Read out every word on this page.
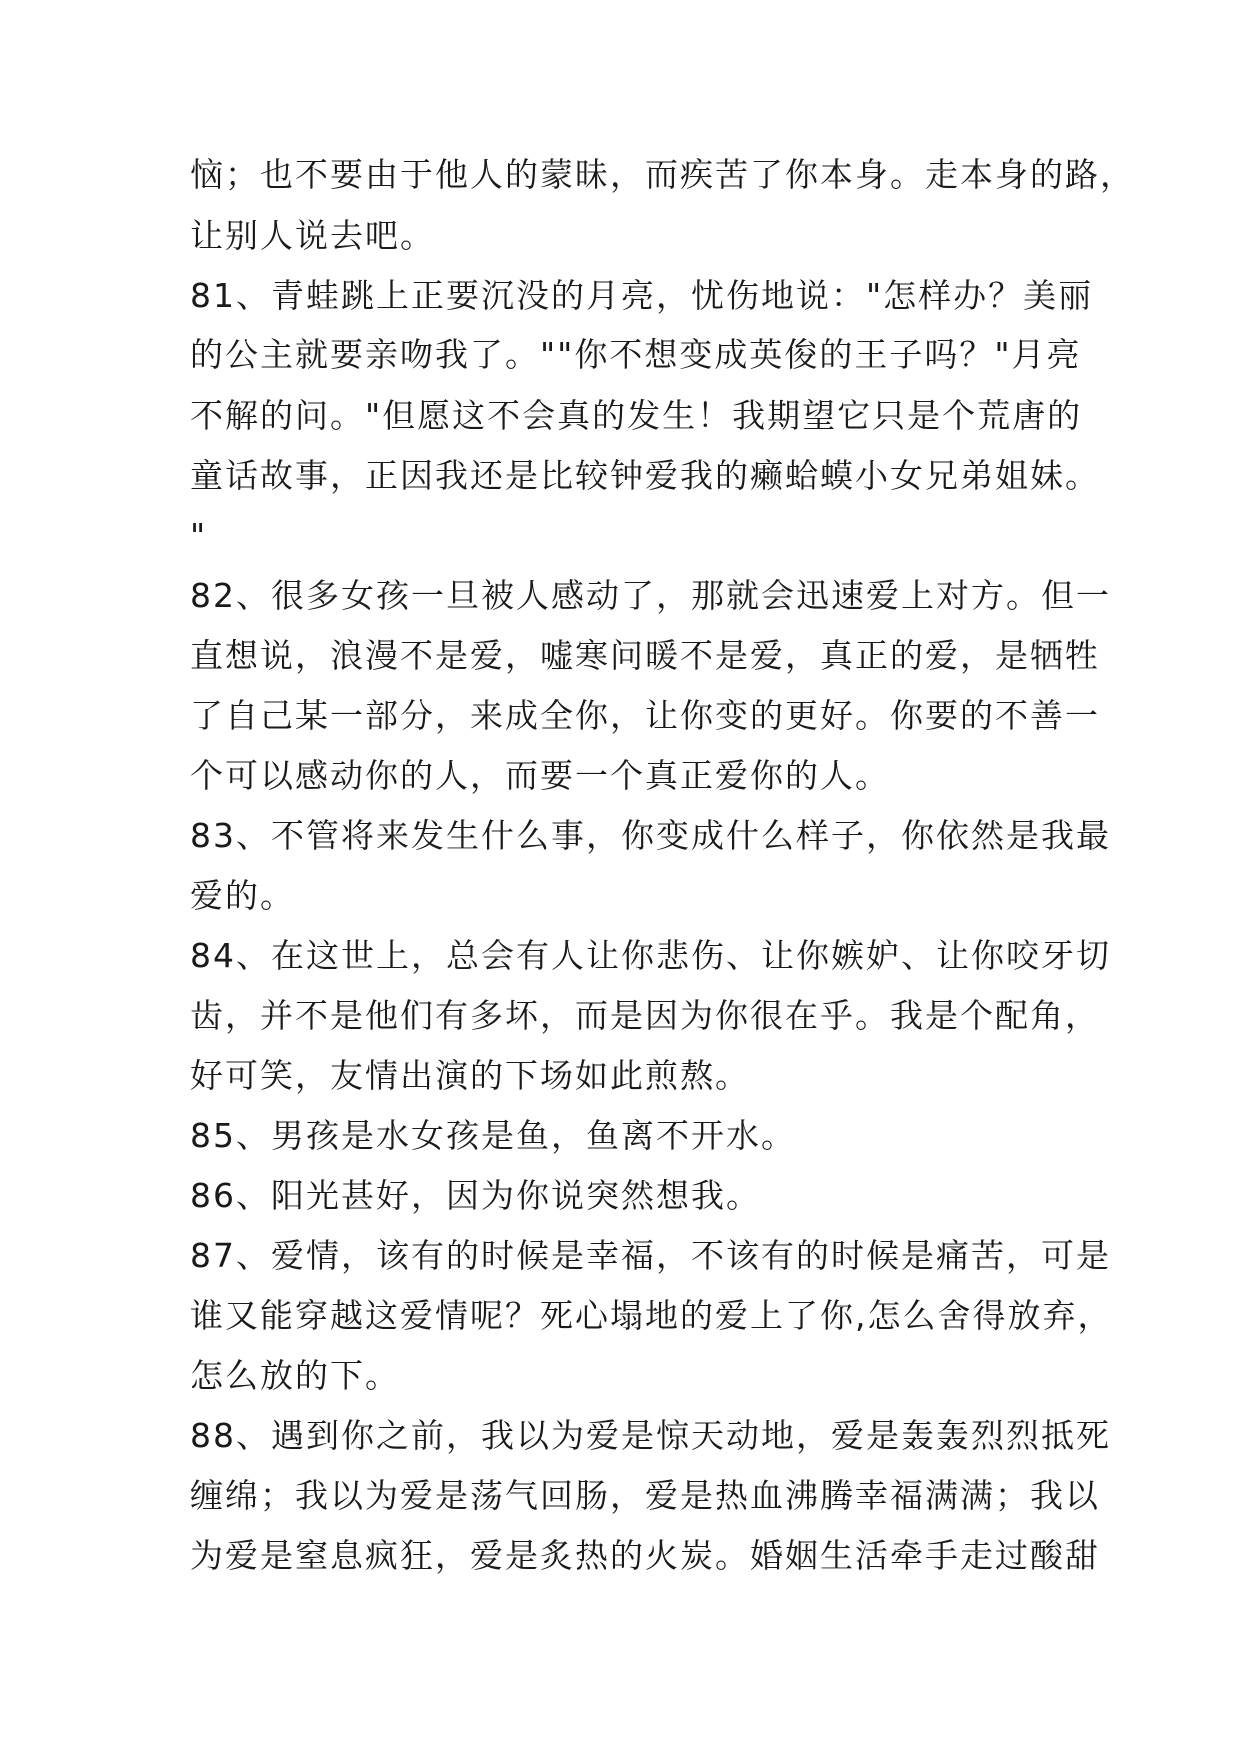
恼；也不要由于他人的蒙昧，而疾苦了你本身。走本身的路，
让别人说去吧。
81、青蛙跳上正要沉没的月亮，忧伤地说："怎样办？美丽
的公主就要亲吻我了。""你不想变成英俊的王子吗？"月亮
不解的问。"但愿这不会真的发生！我期望它只是个荒唐的
童话故事，正因我还是比较钟爱我的癞蛤蟆小女兄弟姐妹。
"
82、很多女孩一旦被人感动了，那就会迅速爱上对方。但一
直想说，浪漫不是爱，嘘寒问暖不是爱，真正的爱，是牺牲
了自己某一部分，来成全你，让你变的更好。你要的不善一
个可以感动你的人，而要一个真正爱你的人。
83、不管将来发生什么事，你变成什么样子，你依然是我最
爱的。
84、在这世上，总会有人让你悲伤、让你嫉妒、让你咬牙切
齿，并不是他们有多坏，而是因为你很在乎。我是个配角，
好可笑，友情出演的下场如此煎熬。
85、男孩是水女孩是鱼，鱼离不开水。
86、阳光甚好，因为你说突然想我。
87、爱情，该有的时候是幸福，不该有的时候是痛苦，可是
谁又能穿越这爱情呢？死心塌地的爱上了你,怎么舍得放弃，
怎么放的下。
88、遇到你之前，我以为爱是惊天动地，爱是轰轰烈烈抵死
缠绵；我以为爱是荡气回肠，爱是热血沸腾幸福满满；我以
为爱是窒息疯狂，爱是炙热的火炭。婚姻生活牵手走过酸甜
